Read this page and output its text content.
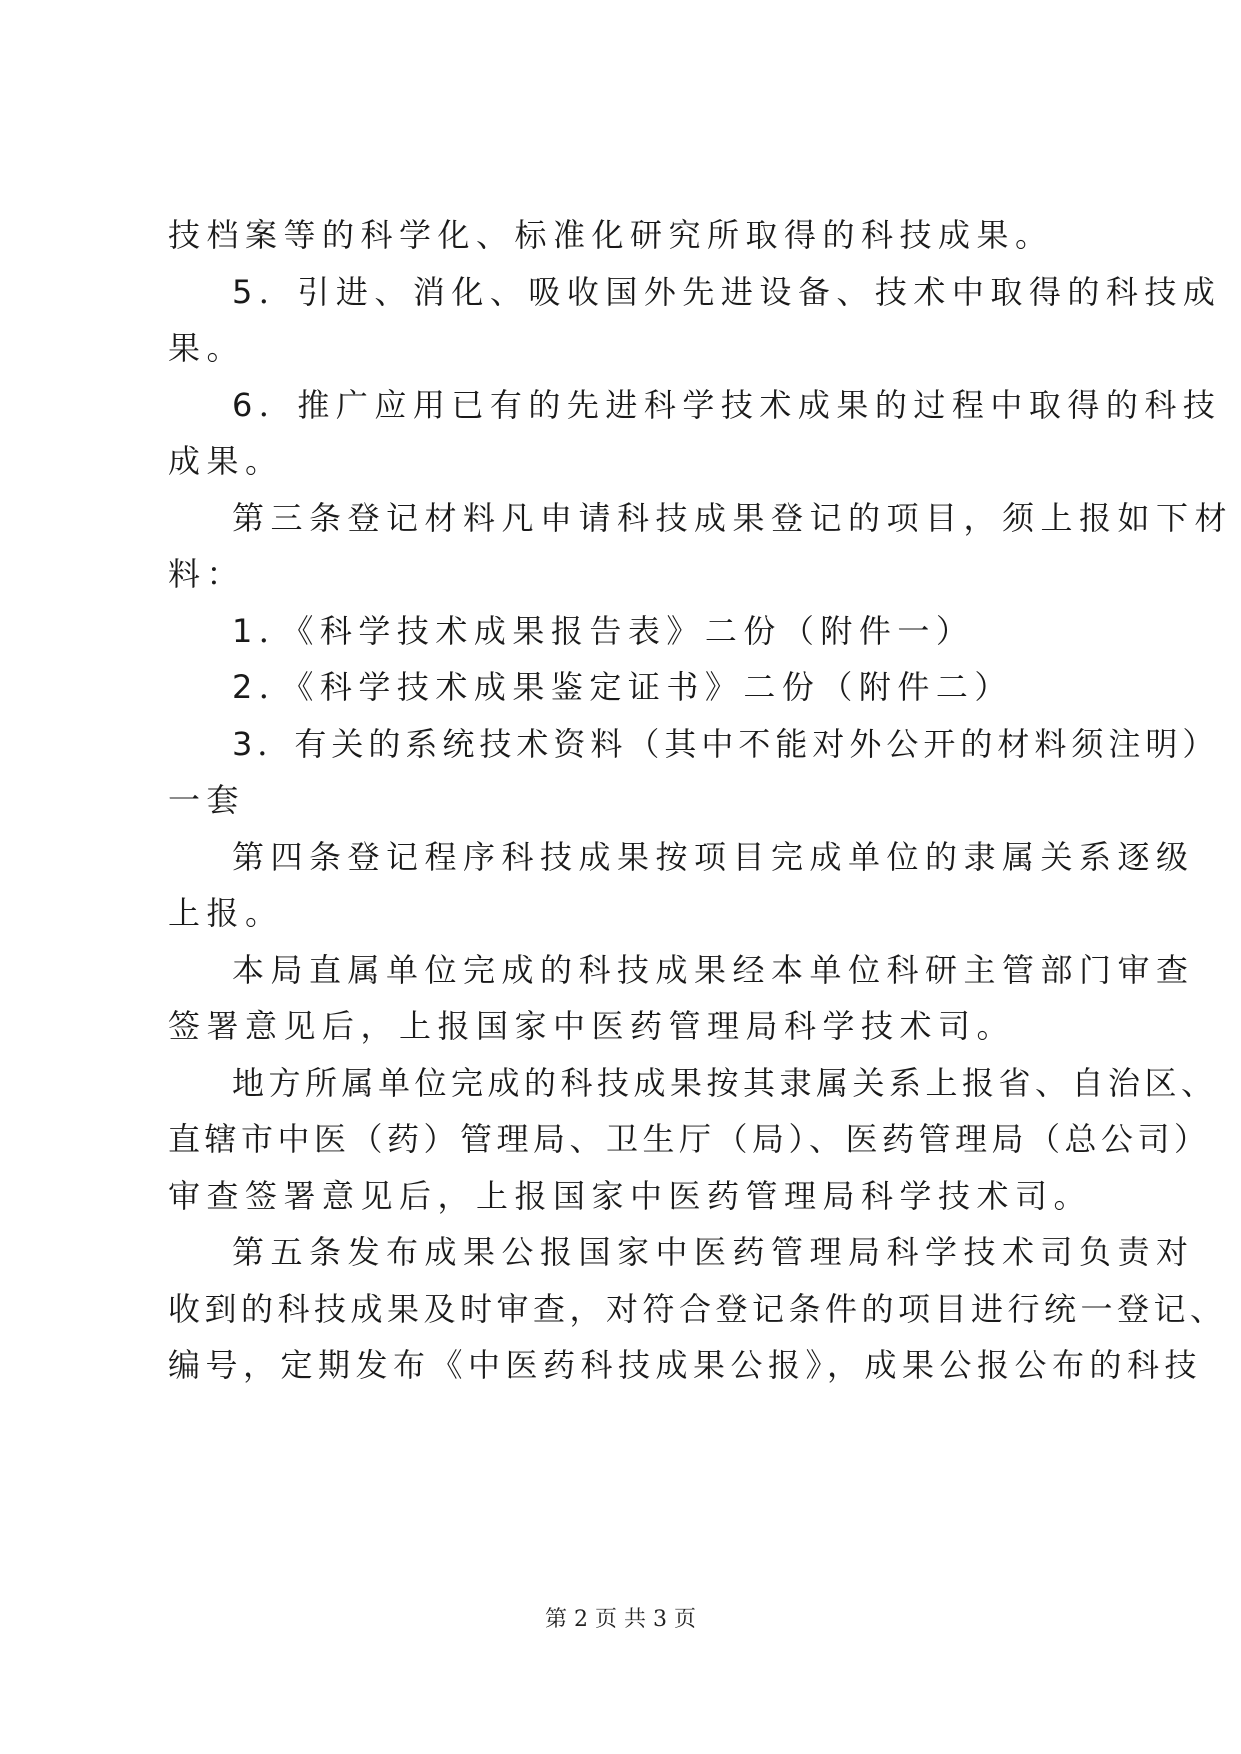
技档案等的科学化、标准化研究所取得的科技成果。
5．引进、消化、吸收国外先进设备、技术中取得的科技成
果。
6．推广应用已有的先进科学技术成果的过程中取得的科技
成果。
第三条登记材料凡申请科技成果登记的项目，须上报如下材
料：
1．《科学技术成果报告表》二份（附件一）
2．《科学技术成果鉴定证书》二份（附件二）
3．有关的系统技术资料（其中不能对外公开的材料须注明）
一套
第四条登记程序科技成果按项目完成单位的隶属关系逐级
上报。
本局直属单位完成的科技成果经本单位科研主管部门审查
签署意见后，上报国家中医药管理局科学技术司。
地方所属单位完成的科技成果按其隶属关系上报省、自治区、
直辖市中医（药）管理局、卫生厅（局）、医药管理局（总公司）
审查签署意见后，上报国家中医药管理局科学技术司。
第五条发布成果公报国家中医药管理局科学技术司负责对
收到的科技成果及时审查，对符合登记条件的项目进行统一登记、
编号，定期发布《中医药科技成果公报》，成果公报公布的科技
第 2 页 共 3 页
